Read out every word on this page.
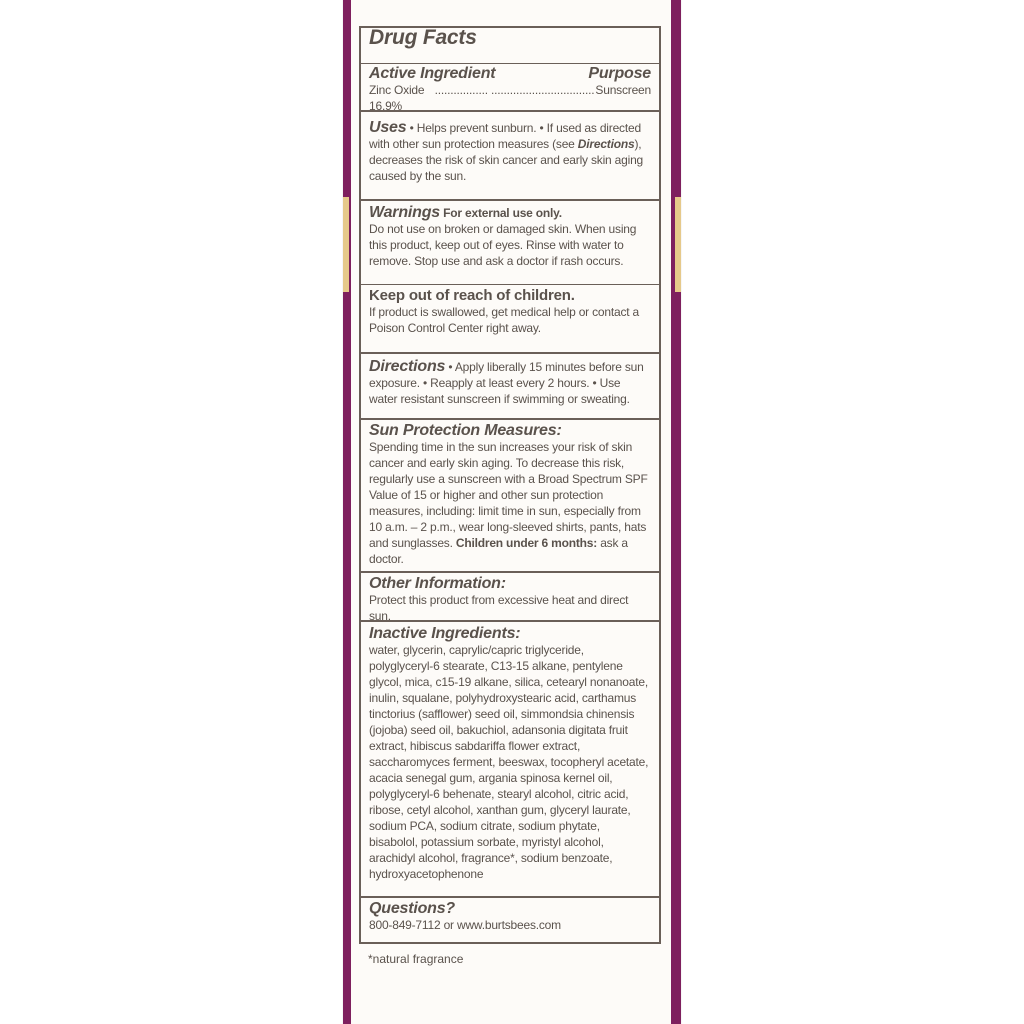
Drug Facts
Active Ingredient	Purpose
Zinc Oxide 16.9%
................. ................................. Sunscreen
Uses • Helps prevent sunburn. • If used as directed with other sun protection measures (see Directions), decreases the risk of skin cancer and early skin aging caused by the sun.
Warnings For external use only.
Do not use on broken or damaged skin. When using this product, keep out of eyes. Rinse with water to remove. Stop use and ask a doctor if rash occurs.
Keep out of reach of children.
If product is swallowed, get medical help or contact a Poison Control Center right away.
Directions • Apply liberally 15 minutes before sun exposure. • Reapply at least every 2 hours. • Use water resistant sunscreen if swimming or sweating.
Sun Protection Measures:
Spending time in the sun increases your risk of skin cancer and early skin aging. To decrease this risk, regularly use a sunscreen with a Broad Spectrum SPF Value of 15 or higher and other sun protection measures, including: limit time in sun, especially from 10 a.m. – 2 p.m., wear long-sleeved shirts, pants, hats and sunglasses. Children under 6 months: ask a doctor.
Other Information:
Protect this product from excessive heat and direct sun.
Inactive Ingredients:
water, glycerin, caprylic/capric triglyceride, polyglyceryl-6 stearate, C13-15 alkane, pentylene glycol, mica, c15-19 alkane, silica, cetearyl nonanoate, inulin, squalane, polyhydroxystearic acid, carthamus tinctorius (safflower) seed oil, simmondsia chinensis (jojoba) seed oil, bakuchiol, adansonia digitata fruit extract, hibiscus sabdariffa flower extract, saccharomyces ferment, beeswax, tocopheryl acetate, acacia senegal gum, argania spinosa kernel oil, polyglyceryl-6 behenate, stearyl alcohol, citric acid, ribose, cetyl alcohol, xanthan gum, glyceryl laurate, sodium PCA, sodium citrate, sodium phytate, bisabolol, potassium sorbate, myristyl alcohol, arachidyl alcohol, fragrance*, sodium benzoate, hydroxyacetophenone
Questions?
800-849-7112 or www.burtsbees.com
*natural fragrance
